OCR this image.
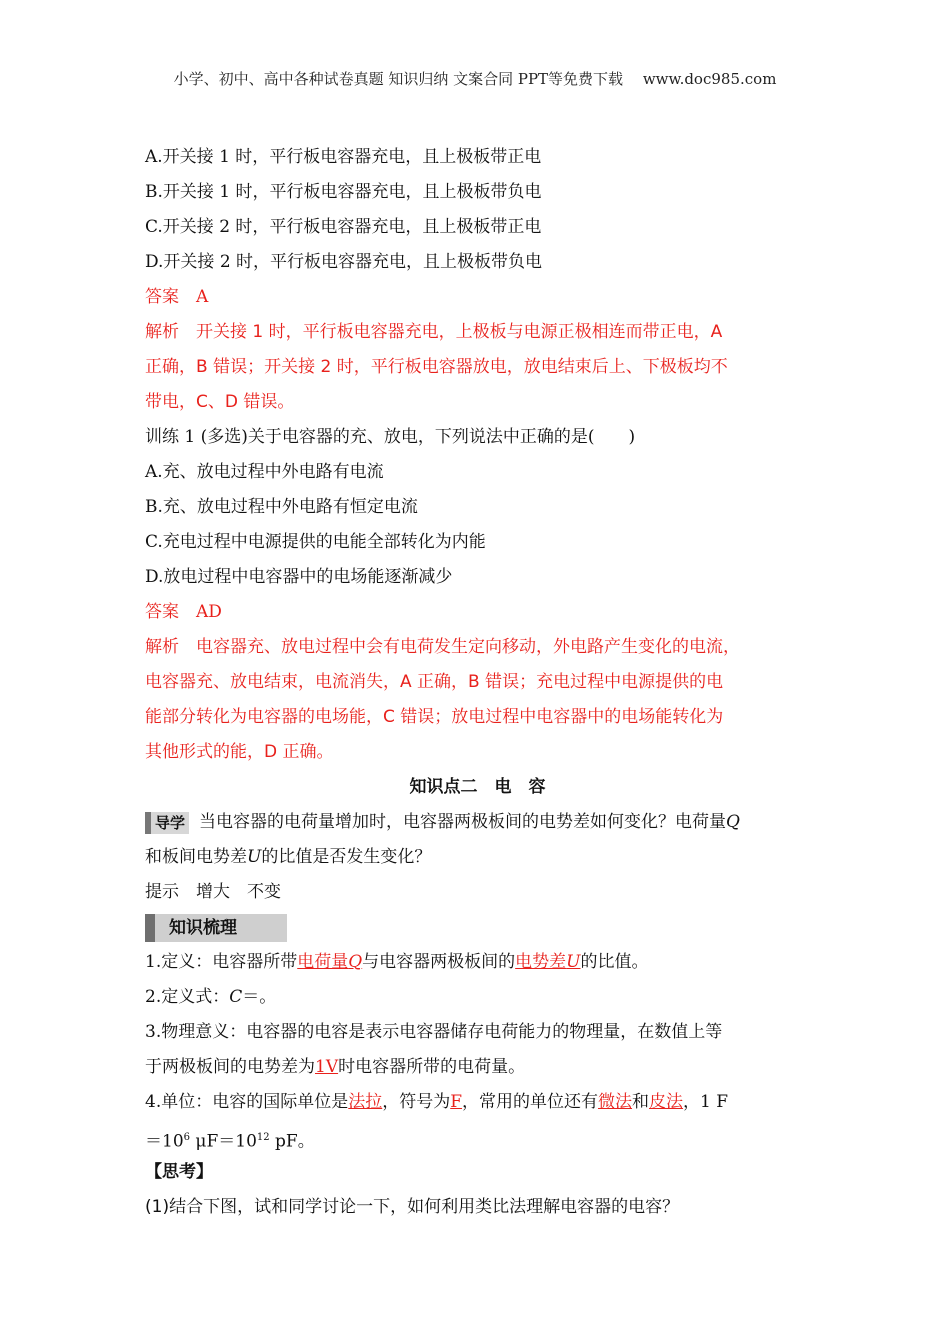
小学、初中、高中各种试卷真题 知识归纳 文案合同 PPT等免费下载　 www.doc985.com
A.开关接 1 时，平行板电容器充电，且上极板带正电
B.开关接 1 时，平行板电容器充电，且上极板带负电
C.开关接 2 时，平行板电容器充电，且上极板带正电
D.开关接 2 时，平行板电容器充电，且上极板带负电
答案　A
解析　开关接 1 时，平行板电容器充电，上极板与电源正极相连而带正电，A
正确，B 错误；开关接 2 时，平行板电容器放电，放电结束后上、下极板均不
带电，C、D 错误。
训练 1 (多选)关于电容器的充、放电，下列说法中正确的是(　　)
A.充、放电过程中外电路有电流
B.充、放电过程中外电路有恒定电流
C.充电过程中电源提供的电能全部转化为内能
D.放电过程中电容器中的电场能逐渐减少
答案　AD
解析　电容器充、放电过程中会有电荷发生定向移动，外电路产生变化的电流，
电容器充、放电结束，电流消失，A 正确，B 错误；充电过程中电源提供的电
能部分转化为电容器的电场能，C 错误；放电过程中电容器中的电场能转化为
其他形式的能，D 正确。
知识点二　电　容
导学 当电容器的电荷量增加时，电容器两极板间的电势差如何变化？电荷量Q
和板间电势差U的比值是否发生变化？
提示　增大　不变
知识梳理
1.定义：电容器所带电荷量Q与电容器两极板间的电势差U的比值。
2.定义式：C＝。
3.物理意义：电容器的电容是表示电容器储存电荷能力的物理量，在数值上等
于两极板间的电势差为1V时电容器所带的电荷量。
4.单位：电容的国际单位是法拉，符号为F，常用的单位还有微法和皮法，1 F
$=10^6$ $\mu F=10^{12}$ pF。
【思考】
(1)结合下图，试和同学讨论一下，如何利用类比法理解电容器的电容？
